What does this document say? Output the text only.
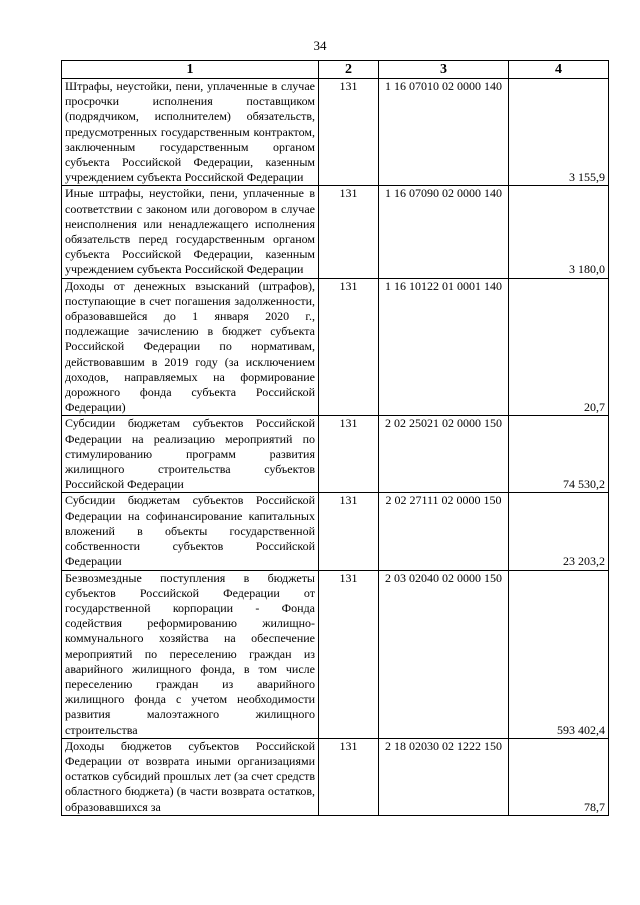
34
1	2	3	4
Штрафы, неустойки, пени, уплаченные в случае просрочки исполнения поставщиком (подрядчиком, исполнителем) обязательств, предусмотренных государственным контрактом, заключенным государственным органом субъекта Российской Федерации, казенным учреждением субъекта Российской Федерации	131	1 16 07010 02 0000 140	3 155,9
Иные штрафы, неустойки, пени, уплаченные в соответствии с законом или договором в случае неисполнения или ненадлежащего исполнения обязательств перед государственным органом субъекта Российской Федерации, казенным учреждением субъекта Российской Федерации	131	1 16 07090 02 0000 140	3 180,0
Доходы от денежных взысканий (штрафов), поступающие в счет погашения задолженности, образовавшейся до 1 января 2020 г., подлежащие зачислению в бюджет субъекта Российской Федерации по нормативам, действовавшим в 2019 году (за исключением доходов, направляемых на формирование дорожного фонда субъекта Российской Федерации)	131	1 16 10122 01 0001 140	20,7
Субсидии бюджетам субъектов Российской Федерации на реализацию мероприятий по стимулированию программ развития жилищного строительства субъектов Российской Федерации	131	2 02 25021 02 0000 150	74 530,2
Субсидии бюджетам субъектов Российской Федерации на софинансирование капитальных вложений в объекты государственной собственности субъектов Российской Федерации	131	2 02 27111 02 0000 150	23 203,2
Безвозмездные поступления в бюджеты субъектов Российской Федерации от государственной корпорации - Фонда содействия реформированию жилищно-коммунального хозяйства на обеспечение мероприятий по переселению граждан из аварийного жилищного фонда, в том числе переселению граждан из аварийного жилищного фонда с учетом необходимости развития малоэтажного жилищного строительства	131	2 03 02040 02 0000 150	593 402,4
Доходы бюджетов субъектов Российской Федерации от возврата иными организациями остатков субсидий прошлых лет (за счет средств областного бюджета) (в части возврата остатков, образовавшихся за	131	2 18 02030 02 1222 150	78,7
